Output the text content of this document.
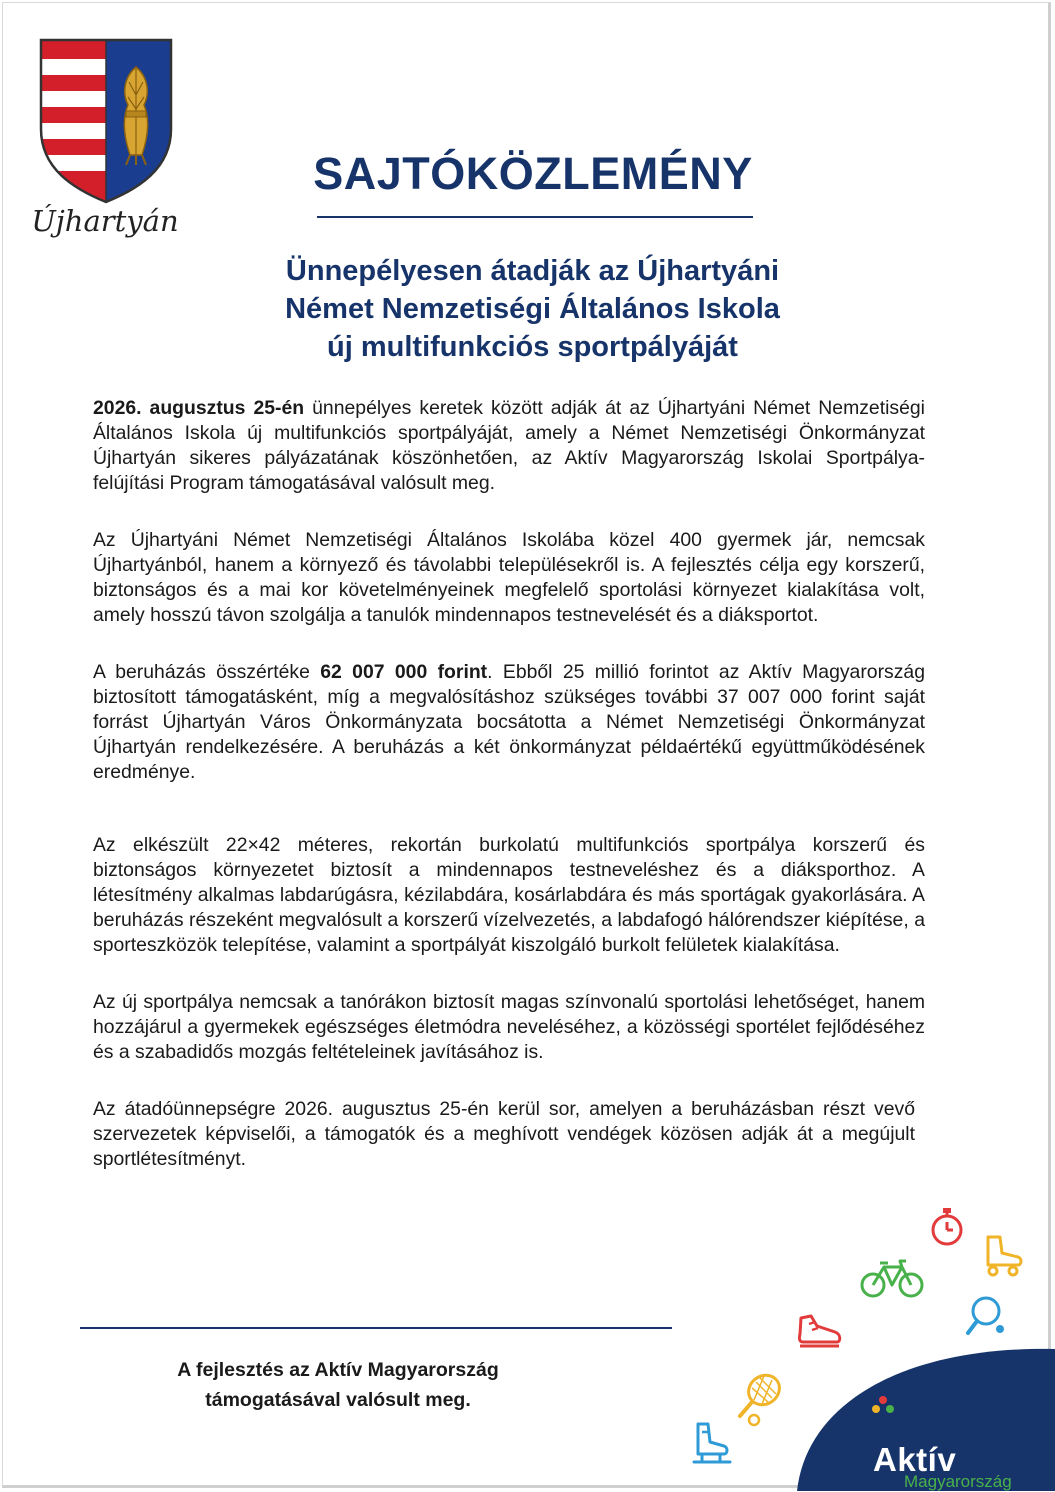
Újhartyán
SAJTÓKÖZLEMÉNY
Ünnepélyesen átadják az Újhartyáni
Német Nemzetiségi Általános Iskola
új multifunkciós sportpályáját

2026. augusztus 25-én ünnepélyes keretek között adják át az Újhartyáni Német Nemzetiségi Általános Iskola új multifunkciós sportpályáját, amely a Német Nemzetiségi Önkormányzat Újhartyán sikeres pályázatának köszönhetően, az Aktív Magyarország Iskolai Sportpálya-felújítási Program támogatásával valósult meg.

Az Újhartyáni Német Nemzetiségi Általános Iskolába közel 400 gyermek jár, nemcsak Újhartyánból, hanem a környező és távolabbi településekről is. A fejlesztés célja egy korszerű, biztonságos és a mai kor követelményeinek megfelelő sportolási környezet kialakítása volt, amely hosszú távon szolgálja a tanulók mindennapos testnevelését és a diáksportot.

A beruházás összértéke 62 007 000 forint. Ebből 25 millió forintot az Aktív Magyarország biztosított támogatásként, míg a megvalósításhoz szükséges további 37 007 000 forint saját forrást Újhartyán Város Önkormányzata bocsátotta a Német Nemzetiségi Önkormányzat Újhartyán rendelkezésére. A beruházás a két önkormányzat példaértékű együttműködésének eredménye.

Az elkészült 22×42 méteres, rekortán burkolatú multifunkciós sportpálya korszerű és biztonságos környezetet biztosít a mindennapos testneveléshez és a diáksporthoz. A létesítmény alkalmas labdarúgásra, kézilabdára, kosárlabdára és más sportágak gyakorlására. A beruházás részeként megvalósult a korszerű vízelvezetés, a labdafogó hálórendszer kiépítése, a sporteszközök telepítése, valamint a sportpályát kiszolgáló burkolt felületek kialakítása.

Az új sportpálya nemcsak a tanórákon biztosít magas színvonalú sportolási lehetőséget, hanem hozzájárul a gyermekek egészséges életmódra neveléséhez, a közösségi sportélet fejlődéséhez és a szabadidős mozgás feltételeinek javításához is.

Az átadóünnepségre 2026. augusztus 25-én kerül sor, amelyen a beruházásban részt vevő szervezetek képviselői, a támogatók és a meghívott vendégek közösen adják át a megújult sportlétesítményt.

A fejlesztés az Aktív Magyarország
támogatásával valósult meg.
Aktív
Magyarország
